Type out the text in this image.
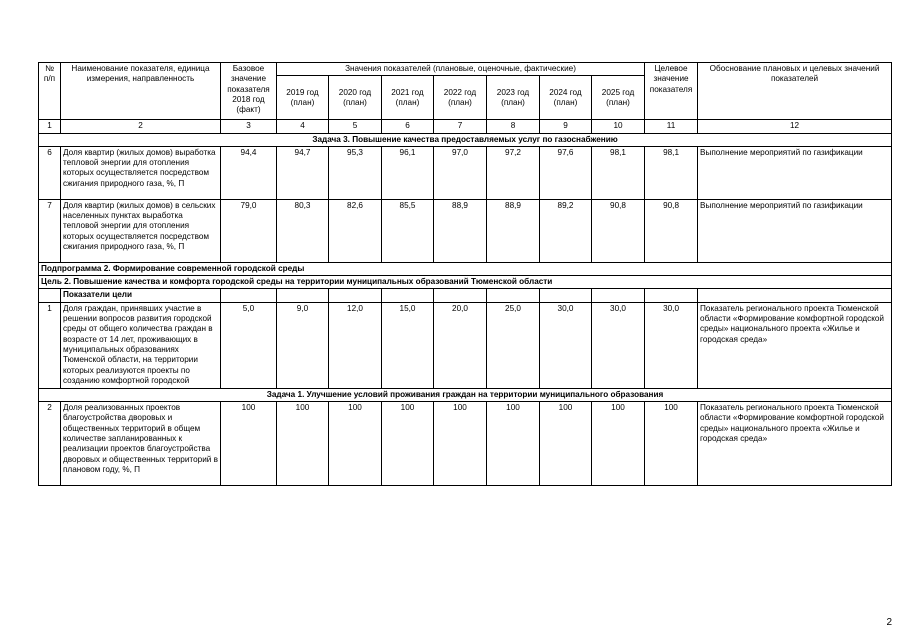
№ п/п	Наименование показателя, единица измерения, направленность	Базовое значение показателя 2018 год (факт)	Значения показателей (плановые, оценочные, фактические)							Целевое значение показателя	Обоснование плановых и целевых значений показателей
			2019 год (план)	2020 год (план)	2021 год (план)	2022 год (план)	2023 год (план)	2024 год (план)	2025 год (план)		
1	2	3	4	5	6	7	8	9	10	11	12
Задача 3. Повышение качества предоставляемых услуг по газоснабжению											
6	Доля квартир (жилых домов) выработка тепловой энергии для отопления которых осуществляется посредством сжигания природного газа, %, П	94,4	94,7	95,3	96,1	97,0	97,2	97,6	98,1	98,1	Выполнение мероприятий по газификации
7	Доля квартир (жилых домов) в сельских населенных пунктах выработка тепловой энергии для отопления которых осуществляется посредством сжигания природного газа, %, П	79,0	80,3	82,6	85,5	88,9	88,9	89,2	90,8	90,8	Выполнение мероприятий по газификации
Подпрограмма 2. Формирование современной городской среды											
Цель 2. Повышение качества и комфорта городской среды на территории муниципальных образований Тюменской области											
	Показатели цели										
1	Доля граждан, принявших участие в решении вопросов развития городской среды от общего количества граждан в возрасте от 14 лет, проживающих в муниципальных образованиях Тюменской области, на территории которых реализуются проекты по созданию комфортной городской	5,0	9,0	12,0	15,0	20,0	25,0	30,0	30,0	30,0	Показатель регионального проекта Тюменской области «Формирование комфортной городской среды» национального проекта «Жилье и городская среда»
Задача 1. Улучшение условий проживания граждан на территории муниципального образования											
2	Доля реализованных проектов благоустройства дворовых и общественных территорий в общем количестве запланированных к реализации проектов благоустройства дворовых и общественных территорий в плановом году, %, П	100	100	100	100	100	100	100	100	100	Показатель регионального проекта Тюменской области «Формирование комфортной городской среды» национального проекта «Жилье и городская среда»
2
